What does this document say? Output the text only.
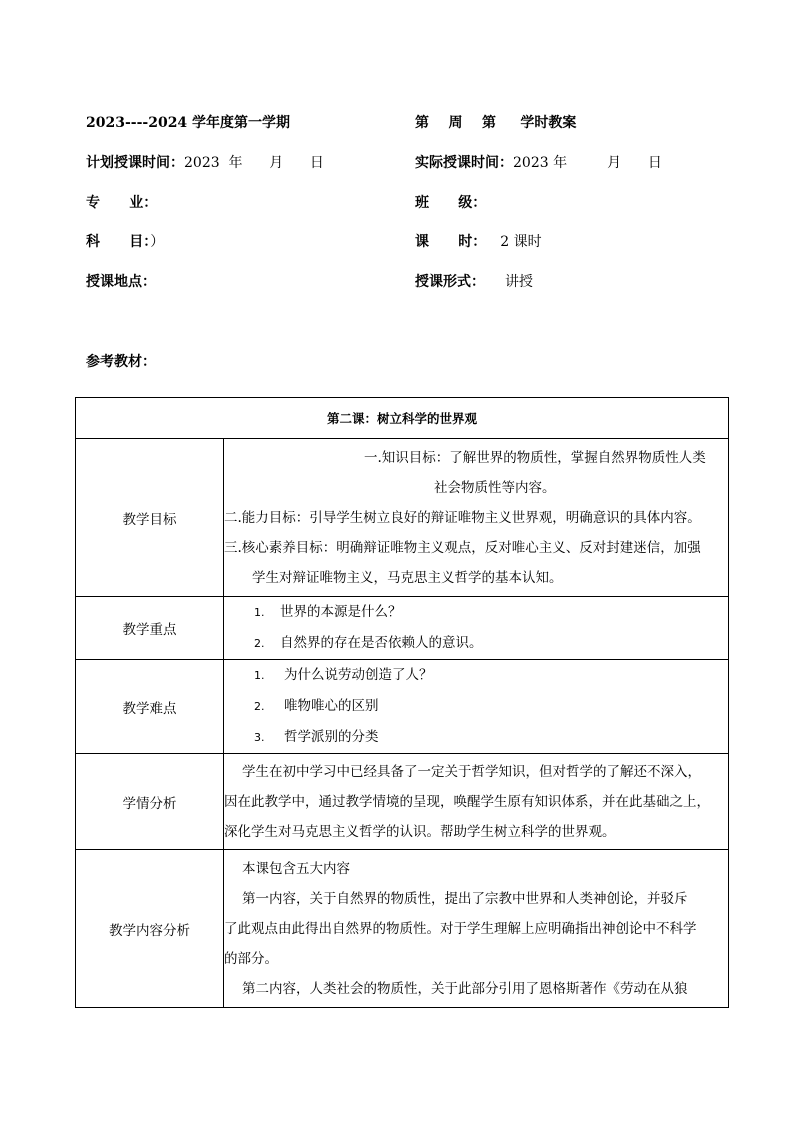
2023----2024 学年度第一学期	第    周    第     学时教案
计划授课时间：2023  年      月      日	实际授课时间：2023 年         月      日
专      业：	班      级：
科      目：）	课      时： 2 课时
授课地点：	授课形式： 讲授
参考教材：
第二课：树立科学的世界观	
教学目标	一.知识目标：了解世界的物质性，掌握自然界物质性人类
社会物质性等内容。
二.能力目标：引导学生树立良好的辩证唯物主义世界观，明确意识的具体内容。
三.核心素养目标：明确辩证唯物主义观点，反对唯心主义、反对封建迷信，加强
学生对辩证唯物主义，马克思主义哲学的基本认知。

教学重点	1. 世界的本源是什么？
2. 自然界的存在是否依赖人的意识。

教学难点	1. 为什么说劳动创造了人？
2. 唯物唯心的区别
3. 哲学派别的分类

学情分析	学生在初中学习中已经具备了一定关于哲学知识，但对哲学的了解还不深入，
因在此教学中，通过教学情境的呈现，唤醒学生原有知识体系，并在此基础之上，
深化学生对马克思主义哲学的认识。帮助学生树立科学的世界观。

教学内容分析	本课包含五大内容
第一内容，关于自然界的物质性，提出了宗教中世界和人类神创论，并驳斥
了此观点由此得出自然界的物质性。对于学生理解上应明确指出神创论中不科学
的部分。
第二内容，人类社会的物质性，关于此部分引用了恩格斯著作《劳动在从狼
